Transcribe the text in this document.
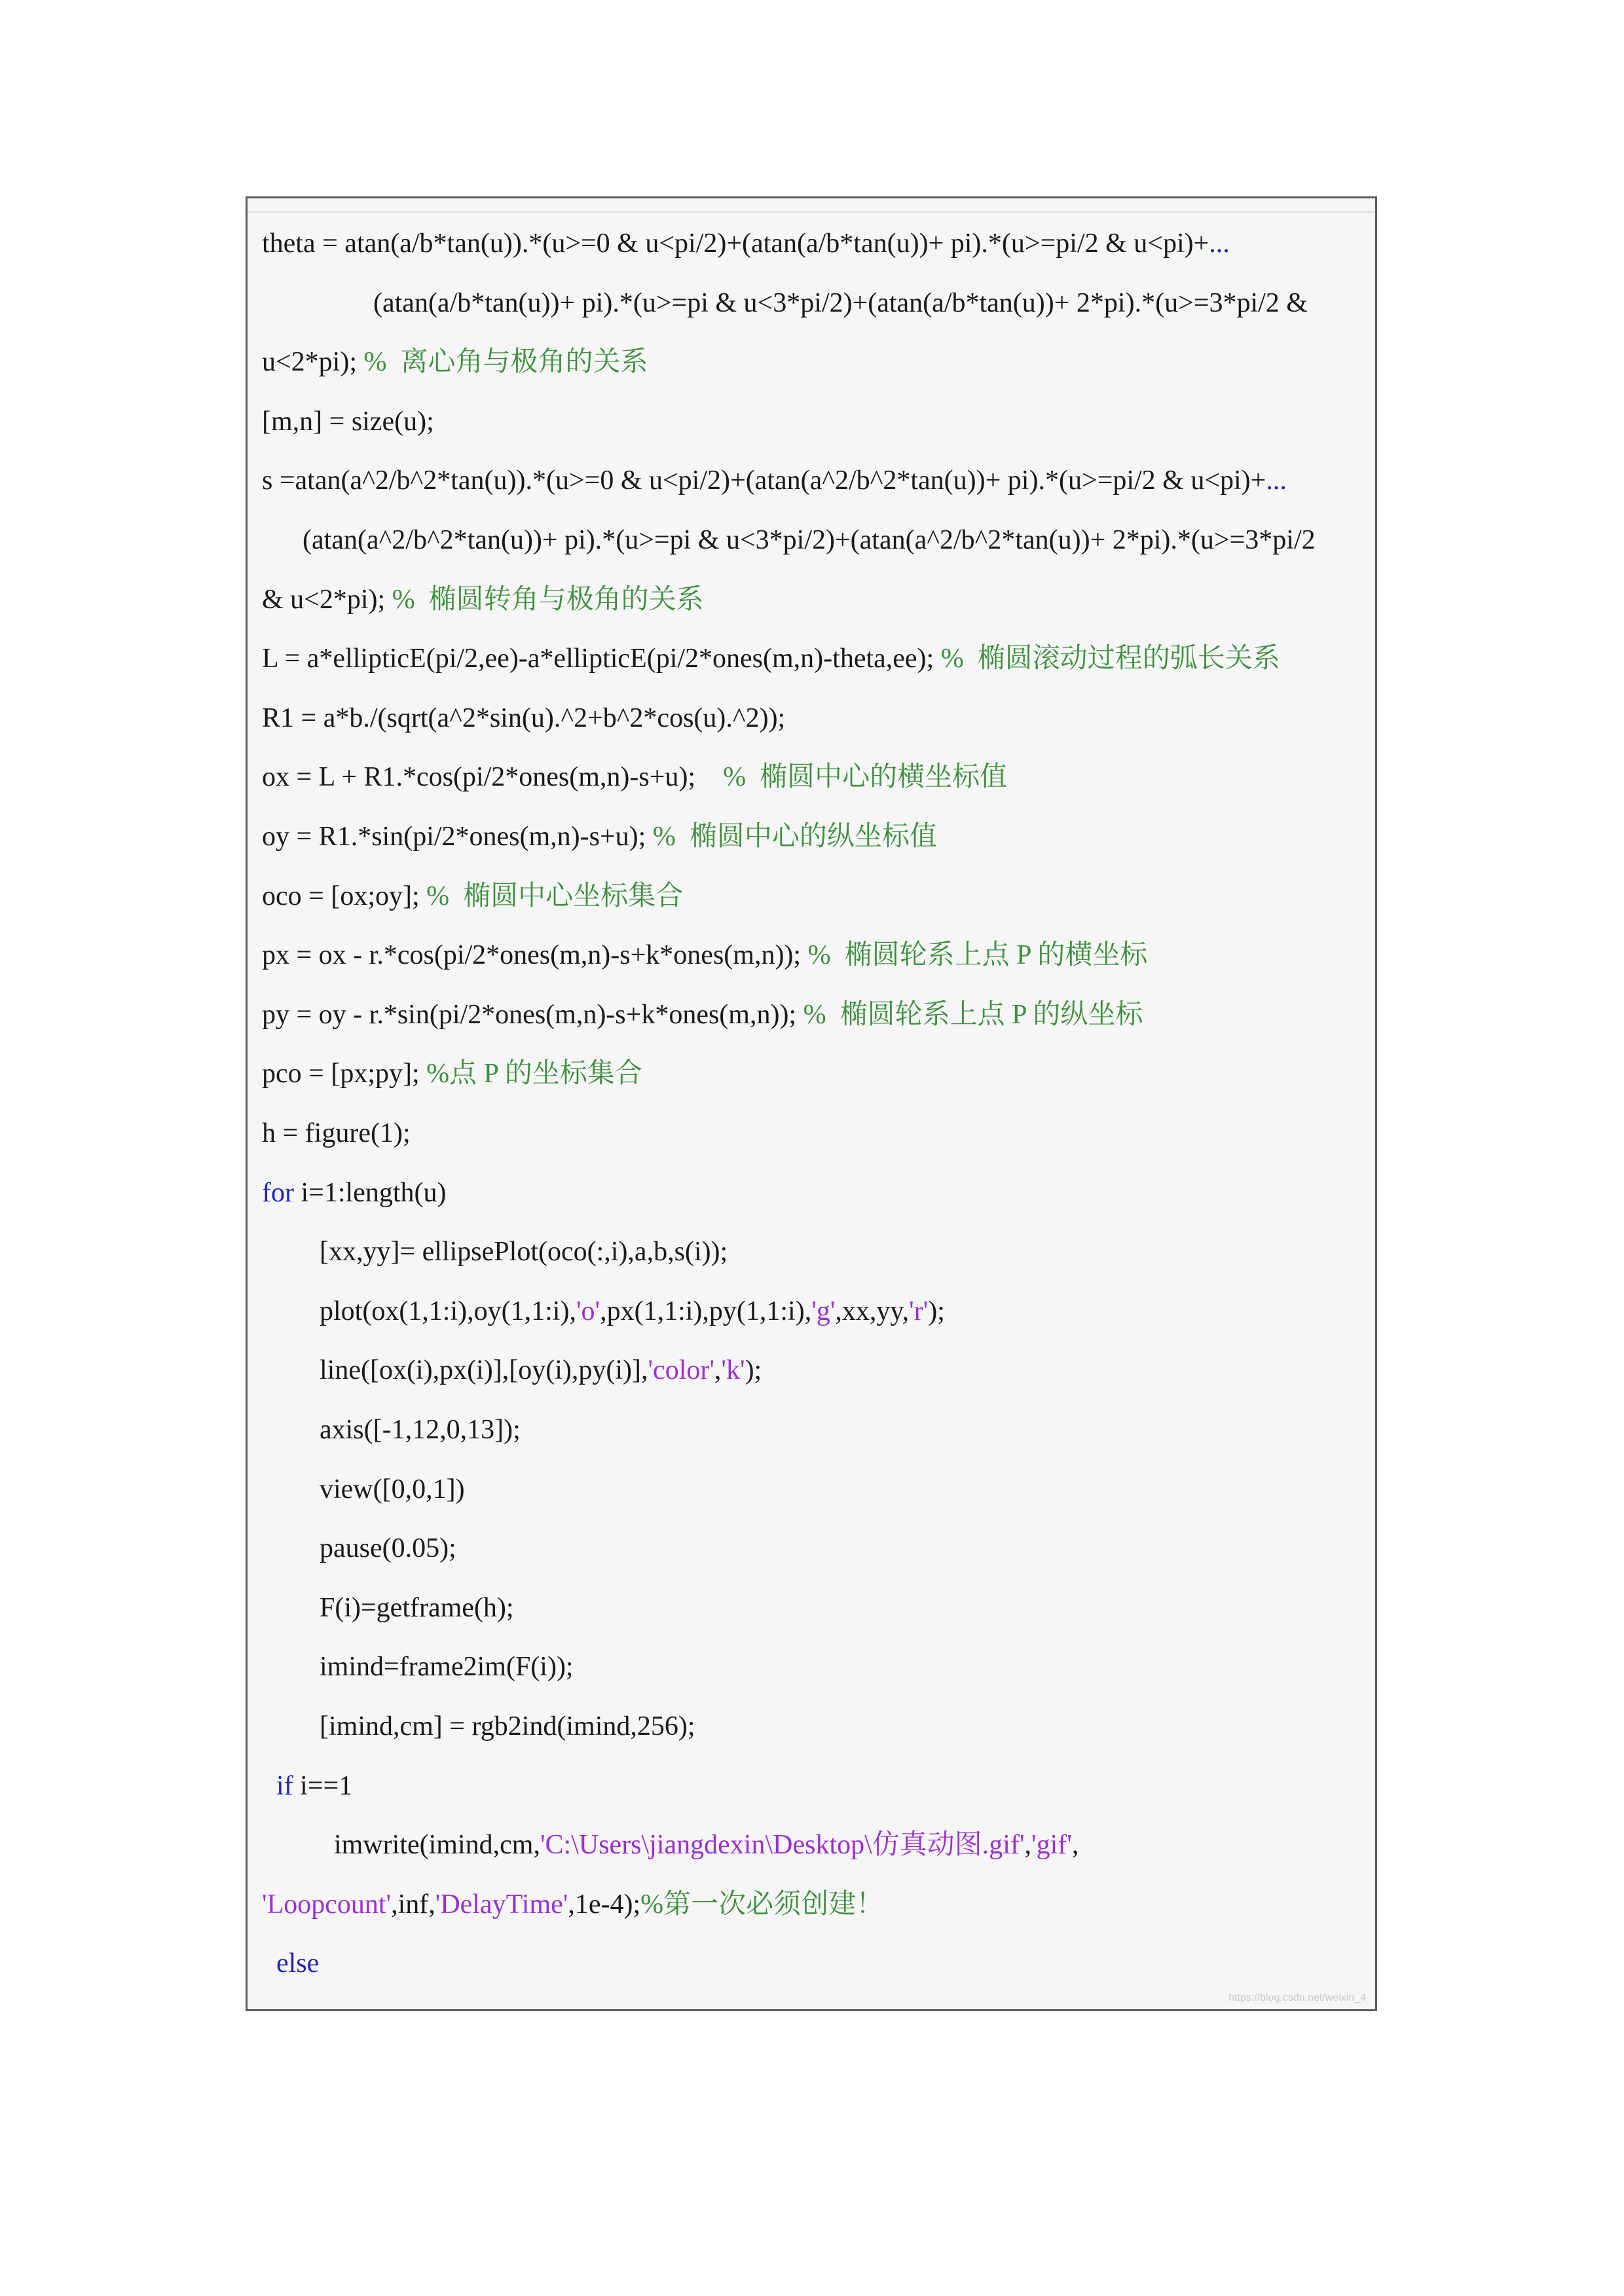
theta = atan(a/b*tan(u)).*(u>=0 & u<pi/2)+(atan(a/b*tan(u))+ pi).*(u>=pi/2 & u<pi)+...
(atan(a/b*tan(u))+ pi).*(u>=pi & u<3*pi/2)+(atan(a/b*tan(u))+ 2*pi).*(u>=3*pi/2 &
u<2*pi); %  离心角与极角的关系
[m,n] = size(u);
s =atan(a^2/b^2*tan(u)).*(u>=0 & u<pi/2)+(atan(a^2/b^2*tan(u))+ pi).*(u>=pi/2 & u<pi)+...
(atan(a^2/b^2*tan(u))+ pi).*(u>=pi & u<3*pi/2)+(atan(a^2/b^2*tan(u))+ 2*pi).*(u>=3*pi/2
& u<2*pi); %  椭圆转角与极角的关系
L = a*ellipticE(pi/2,ee)-a*ellipticE(pi/2*ones(m,n)-theta,ee); %  椭圆滚动过程的弧长关系
R1 = a*b./(sqrt(a^2*sin(u).^2+b^2*cos(u).^2));
ox = L + R1.*cos(pi/2*ones(m,n)-s+u);    %  椭圆中心的横坐标值
oy = R1.*sin(pi/2*ones(m,n)-s+u); %  椭圆中心的纵坐标值
oco = [ox;oy]; %  椭圆中心坐标集合
px = ox - r.*cos(pi/2*ones(m,n)-s+k*ones(m,n)); %  椭圆轮系上点 P 的横坐标
py = oy - r.*sin(pi/2*ones(m,n)-s+k*ones(m,n)); %  椭圆轮系上点 P 的纵坐标
pco = [px;py]; %点 P 的坐标集合
h = figure(1);
for i=1:length(u)
[xx,yy]= ellipsePlot(oco(:,i),a,b,s(i));
plot(ox(1,1:i),oy(1,1:i),'o',px(1,1:i),py(1,1:i),'g',xx,yy,'r');
line([ox(i),px(i)],[oy(i),py(i)],'color','k');
axis([-1,12,0,13]);
view([0,0,1])
pause(0.05);
F(i)=getframe(h);
imind=frame2im(F(i));
[imind,cm] = rgb2ind(imind,256);
if i==1
imwrite(imind,cm,'C:\Users\jiangdexin\Desktop\仿真动图.gif','gif',
'Loopcount',inf,'DelayTime',1e-4);%第一次必须创建！
else
https://blog.csdn.net/weixin_4
